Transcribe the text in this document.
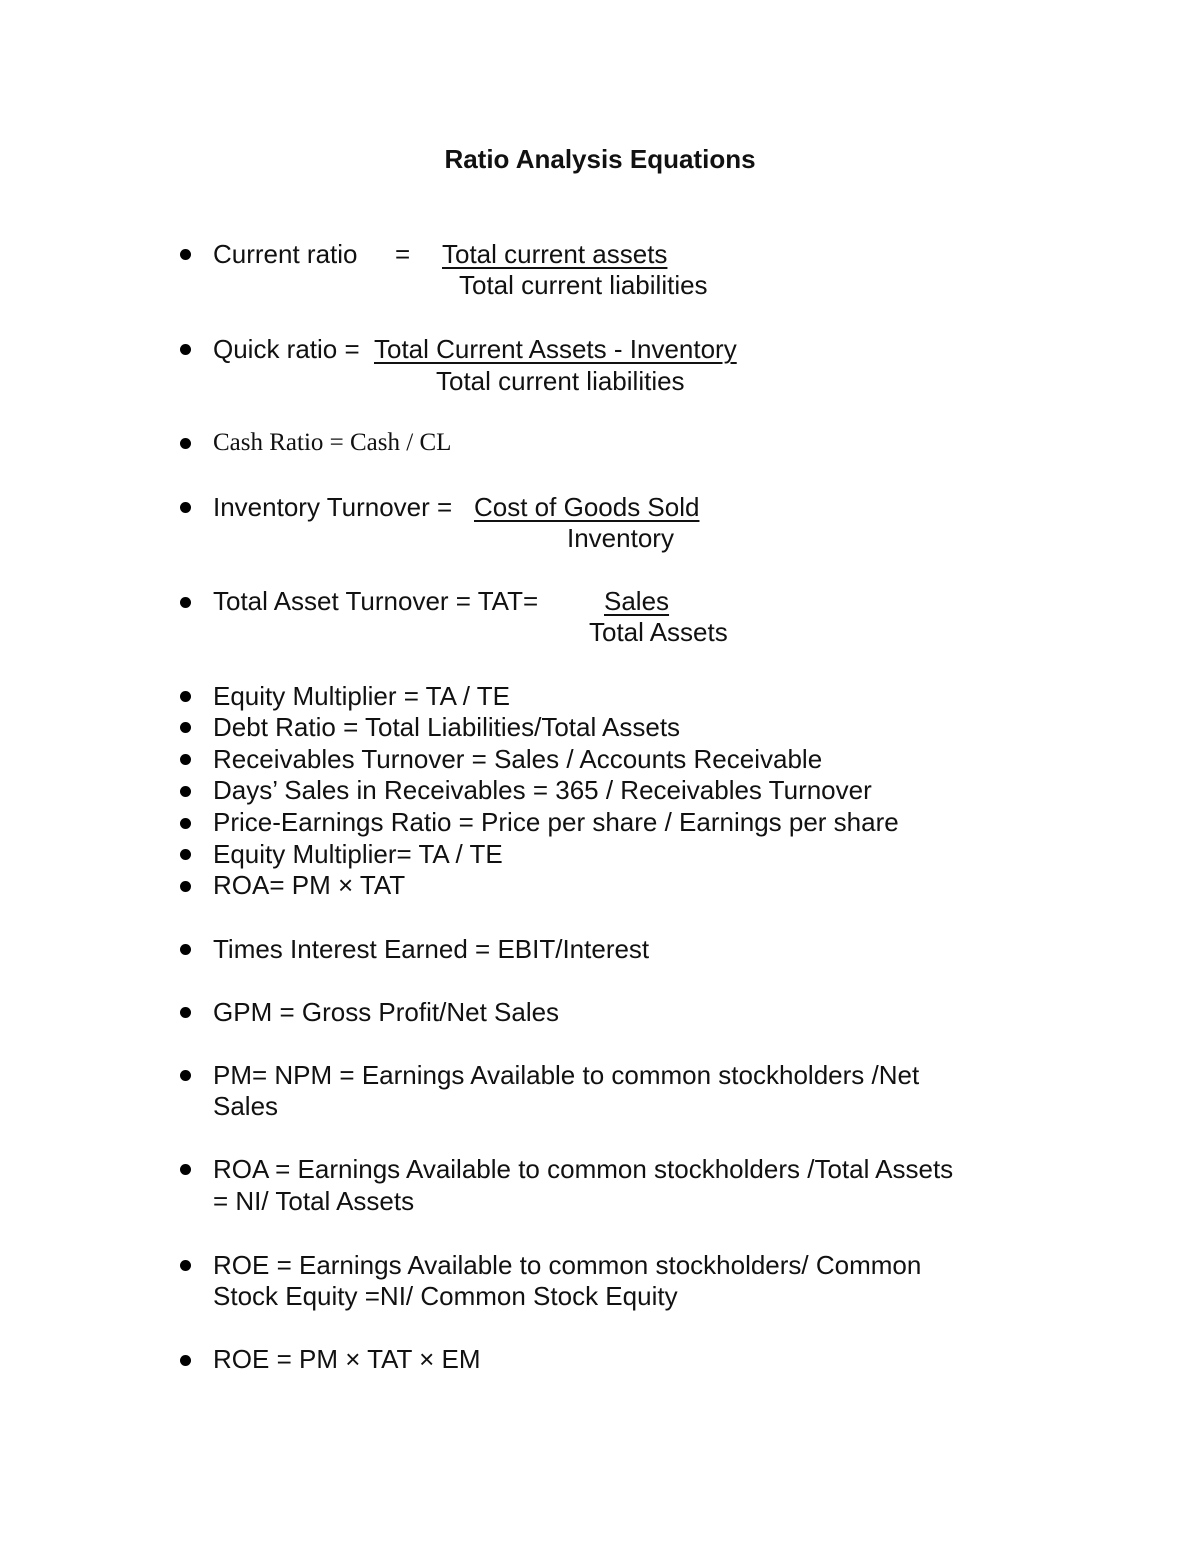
Ratio Analysis Equations
Current ratio = Total current assets
Total current liabilities
Quick ratio = Total Current Assets - Inventory
Total current liabilities
Cash Ratio = Cash / CL
Inventory Turnover = Cost of Goods Sold
Inventory
Total Asset Turnover = TAT=	Sales
Total Assets
Equity Multiplier = TA / TE
Debt Ratio = Total Liabilities/Total Assets
Receivables Turnover = Sales / Accounts Receivable
Days’ Sales in Receivables = 365 / Receivables Turnover
Price-Earnings Ratio = Price per share / Earnings per share
Equity Multiplier= TA / TE
ROA= PM × TAT
Times Interest Earned = EBIT/Interest
GPM = Gross Profit/Net Sales
PM= NPM = Earnings Available to common stockholders /Net
Sales
ROA = Earnings Available to common stockholders /Total Assets
= NI/ Total Assets
ROE = Earnings Available to common stockholders/ Common
Stock Equity =NI/ Common Stock Equity
ROE = PM × TAT × EM
